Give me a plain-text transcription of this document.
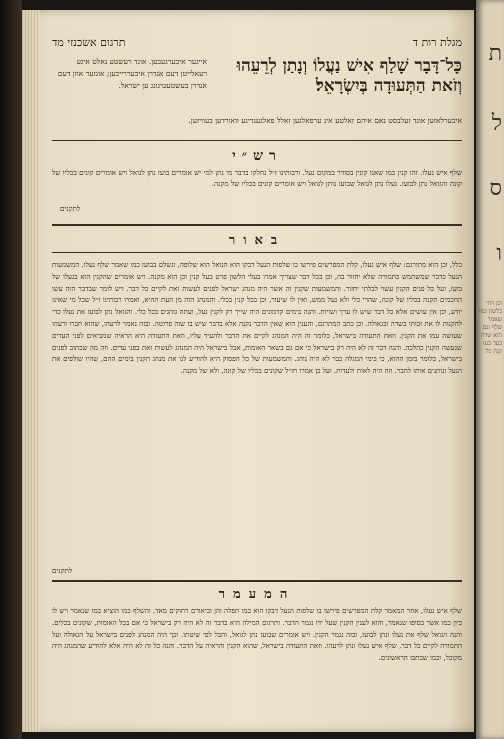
ת
ל
ס
ו
וכן ויהי בלשון כמו שאמר שלף וגם הוא שדה בעד בעז קנה כל
מגלת רות ד
תרגום אשכנזי מד
כָּל־דָּבָר שָׁלַף אִישׁ נַעֲלוֹ וְנָתַן לְרֵעֵהוּ וְזֹאת הַתְּעוּדָה בְּיִשְׂרָאֵל׃
אייגער איבערגעבען. אונד רעשטע נאלט איגע רעאלייטן דעם אנדרן איבעררייכען; אונזער אוזן דעם אנדרן בעשטעטיגונג ען ישראל.
איבערלאזען אונד זעלבסט נאם איהם זאלטע אינ ערפאלגען זאלל פאלגענדיגע וואורדען בעוויזען.
רש״י
שלף איש נעלו. זהו קנין כמו שאנו קונין בסודר במקום נעל. ורבותינו ז״ל נחלקו בדבר מי נתן למי יש אומרים בועז נתן לגואל ויש אומרים קונים בכליו של קונה והגואל נתן לבועז. נעלו נתן לגואל שבועז נותן לגואל ויש אומרים קונים בכליו של מקנה.
לתקנים
באור
כלל, וכן הוא מתורגם: שלף איש נעלו, קלת המפרשים פירשו בו שלפות הנעל דבקו הוא הנואל הוא שלופה, ונשלם בבועז כמו שאמר שלף נעלו. המשמעות הנעל כדבר שמשתמש כתמורה שלא יחזור בה, וכן בכל דבר שצריך אמרו בעלי הלשון פרט בעל קנין וכן הוא מקנה. ויש אומרים שהקנין הוא בנעלו של בועז, ועל כל פנים הקנין עשוי לבלתי יחזור. והמשמעות שקנין זה אשר היה מנהג ישראל לפנים לעשות זאת לקיים כל דבר. ויש לומר שבדבר הזה עשו החכמים תקנה בכליו של קונה, שהרי כלי ולא נעל ממש, ואין לו שיעור, וכן בכל קנין בכלי. והמנהג הזה מן העת ההיא, ואמרו רבותינו ז״ל שכל מי שאינו יודע, וכן אין עושים אלא כל דבר שיש לו ערך ושויות. והנה בימים קדמונים היה שייך רק לקנין נעל, ועתה נוהגים בכל כלי. והגואל נתן לבועז את נעלו כדי להקנות לו את זכותו בשדה ובגאולה. וכן כתב המתרגם, והענין הוא שאין הדבר נקנה אלא בדבר שיש בו שוה פרוטה. ובזה נאמר לרעהו, שהוא חברו ורעהו שעושה עמו את הקנין. וזאת התעודה בישראל, כלומר זה היה המנהג לקיים את הדבר ולהעיד עליו, וזאת התעודה היא הראיה שמביאים לפני העדים שנעשה הקנין כהלכה. והנה דבר זה לא היה רק בישראל כי אם גם בשאר האומות, אבל בישראל היה המנהג לעשות זאת בפני עדים. וזה מה שכתוב לפנים בישראל, כלומר בזמן ההוא, כי בימי המגלה כבר לא היה נוהג. והמשמעות של כל הפסוק היא להודיע לנו את מנהג הקנין בימים ההם, שהיו שולפים את הנעל ונותנים אותו לחבר. וזה היה לאות ולעדות. ועל כן אמרו חז״ל שקונים בכליו של קונה, ולא של מקנה.
לתקנים
המעמר
שלף איש נעלו, אחר המאמר קלת המפרשים פירשו בו שלפות הנעל דבקו הוא כמו תפלה והן וביאורם רחוקים מאד, והשלף כמו הוציא כמו שנאמר ויש לו כיון כמו אשר בסופו שנאמר, והוא לענין הקנין שעל ידו נגמר הדבר. ותרגום המילה היא בדבר זה לא היה רק בישראל כי אם בכל האומות, שקונים בכלים. והנה הגואל שלף את נעלו ונתן לבועז, ובזה נגמר הקנין. ויש אומרים שבועז נתן לגואל, והכל לפי שיטתו. וכך היה המנהג לפנים בישראל על הגאולה ועל התמורה לקיים כל דבר, שלף איש נעלו ונתן לרעהו. וזאת התעודה בישראל, שהוא הקנין והראיה על הדבר. והנה כל זה לא היה אלא להודיע שהמנהג היה מקובל, וכמו שכתבו הראשונים.
